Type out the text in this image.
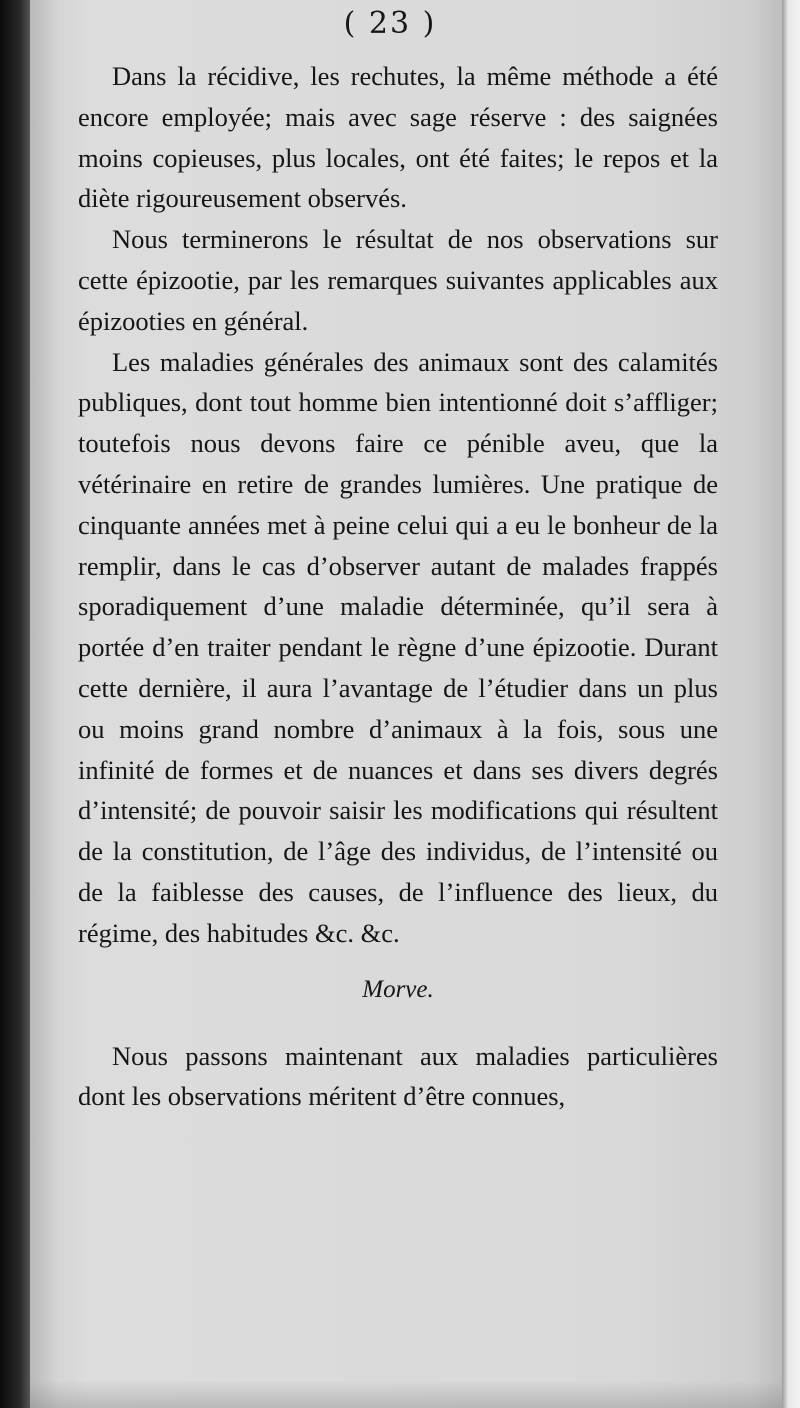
( 23 )

Dans la récidive, les rechutes, la même méthode a été encore employée; mais avec sage réserve : des saignées moins copieuses, plus locales, ont été faites; le repos et la diète rigoureusement observés.

Nous terminerons le résultat de nos observations sur cette épizootie, par les remarques suivantes applicables aux épizooties en général.

Les maladies générales des animaux sont des calamités publiques, dont tout homme bien intentionné doit s’affliger; toutefois nous devons faire ce pénible aveu, que la vétérinaire en retire de grandes lumières. Une pratique de cinquante années met à peine celui qui a eu le bonheur de la remplir, dans le cas d’observer autant de malades frappés sporadiquement d’une maladie déterminée, qu’il sera à portée d’en traiter pendant le règne d’une épizootie. Durant cette dernière, il aura l’avantage de l’étudier dans un plus ou moins grand nombre d’animaux à la fois, sous une infinité de formes et de nuances et dans ses divers degrés d’intensité; de pouvoir saisir les modifications qui résultent de la constitution, de l’âge des individus, de l’intensité ou de la faiblesse des causes, de l’influence des lieux, du régime, des habitudes &c. &c.

Morve.

Nous passons maintenant aux maladies particulières dont les observations méritent d’être connues,
